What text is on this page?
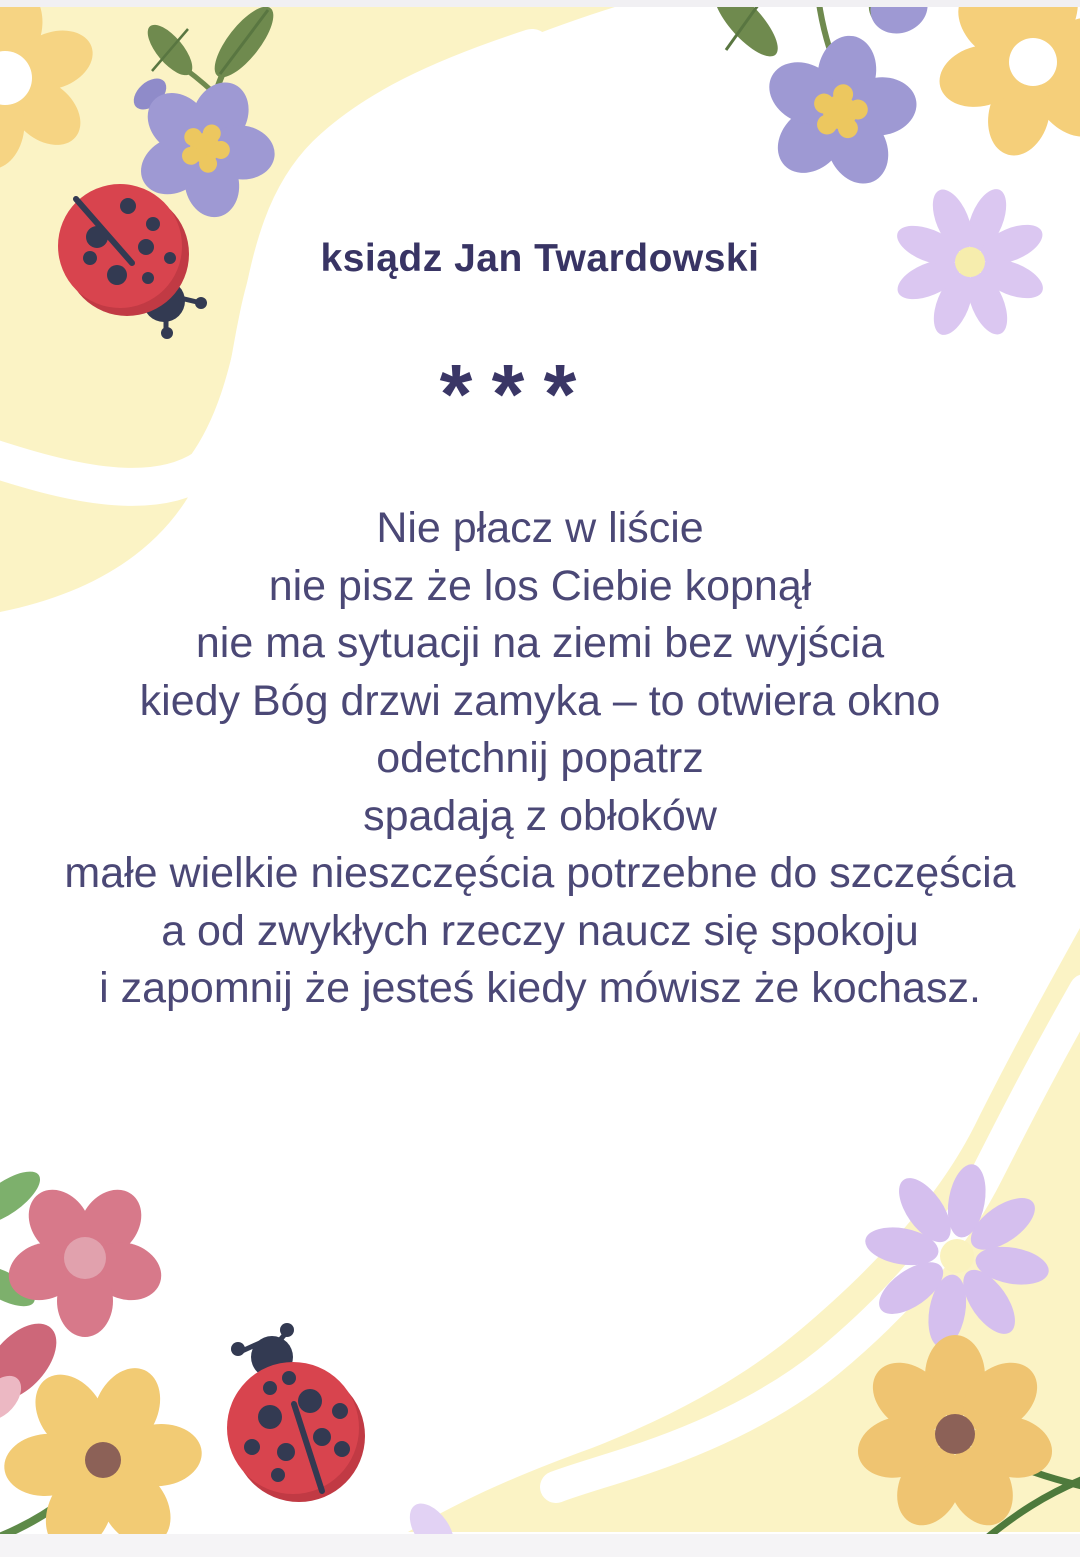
ksiądz Jan Twardowski
* * *
Nie płacz w liście
nie pisz że los Ciebie kopnął
nie ma sytuacji na ziemi bez wyjścia
kiedy Bóg drzwi zamyka – to otwiera okno
odetchnij popatrz
spadają z obłoków
małe wielkie nieszczęścia potrzebne do szczęścia
a od zwykłych rzeczy naucz się spokoju
i zapomnij że jesteś kiedy mówisz że kochasz.
